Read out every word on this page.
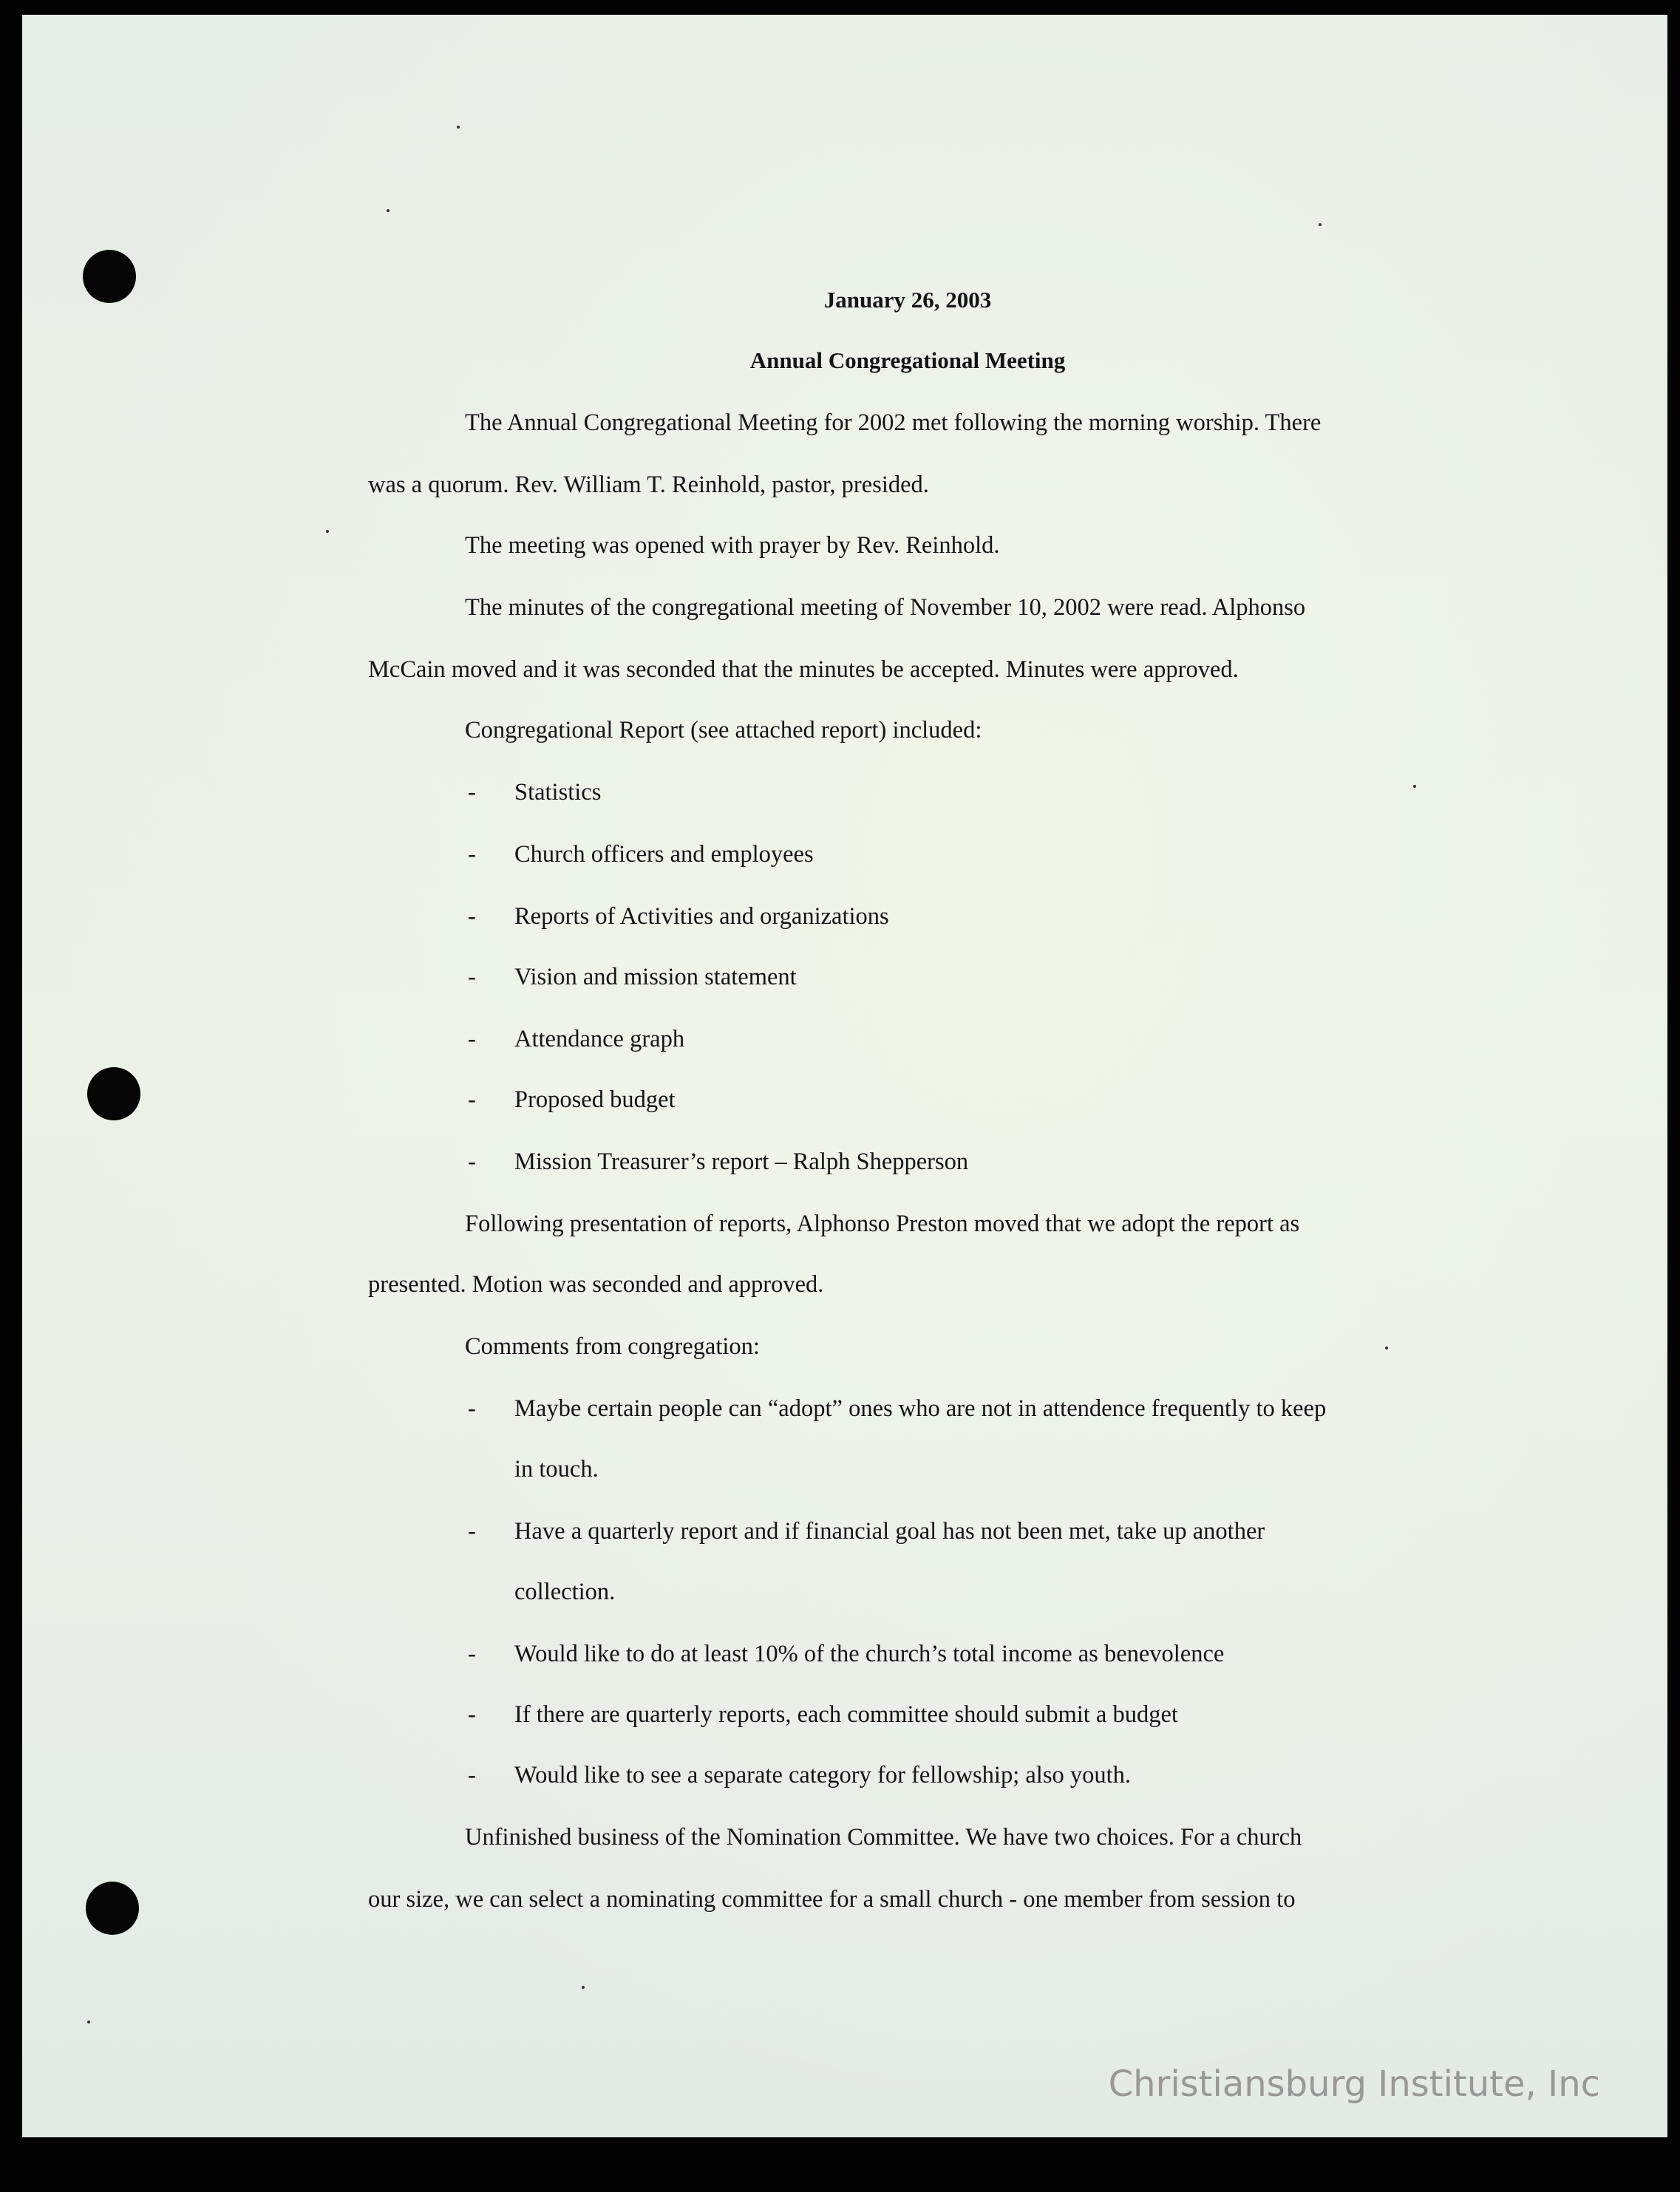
January 26, 2003
Annual Congregational Meeting
The Annual Congregational Meeting for 2002 met following the morning worship. There
was a quorum. Rev. William T. Reinhold, pastor, presided.
The meeting was opened with prayer by Rev. Reinhold.
The minutes of the congregational meeting of November 10, 2002 were read. Alphonso
McCain moved and it was seconded that the minutes be accepted. Minutes were approved.
Congregational Report (see attached report) included:
- Statistics
- Church officers and employees
- Reports of Activities and organizations
- Vision and mission statement
- Attendance graph
- Proposed budget
- Mission Treasurer’s report – Ralph Shepperson
Following presentation of reports, Alphonso Preston moved that we adopt the report as
presented. Motion was seconded and approved.
Comments from congregation:
- Maybe certain people can “adopt” ones who are not in attendence frequently to keep
in touch.
- Have a quarterly report and if financial goal has not been met, take up another
collection.
- Would like to do at least 10% of the church’s total income as benevolence
- If there are quarterly reports, each committee should submit a budget
- Would like to see a separate category for fellowship; also youth.
Unfinished business of the Nomination Committee. We have two choices. For a church
our size, we can select a nominating committee for a small church - one member from session to
Christiansburg Institute, Inc
